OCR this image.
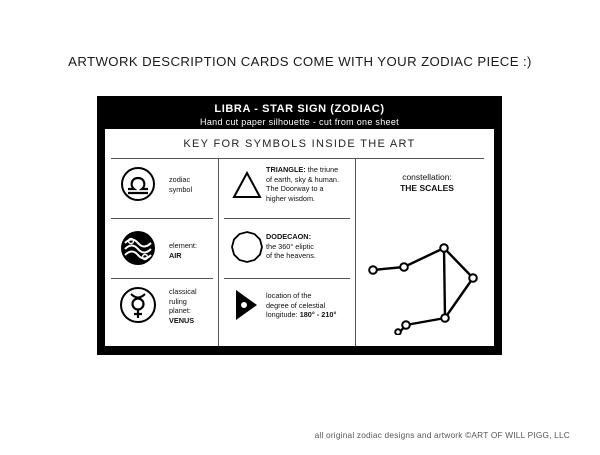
ARTWORK DESCRIPTION CARDS COME WITH YOUR ZODIAC PIECE :)
LIBRA - STAR SIGN (ZODIAC)
Hand cut paper silhouette - cut from one sheet
KEY FOR SYMBOLS INSIDE THE ART
zodiac
symbol
element:
AIR
classical
ruling
planet:
VENUS
TRIANGLE: the triune
of earth, sky & human.
The Doorway to a
higher wisdom.
DODECAON:
the 360° eliptic
of the heavens.
location of the
degree of celestial
longitude: 180° - 210°
constellation:
THE SCALES
all original zodiac designs and artwork ©ART OF WILL PIGG, LLC
